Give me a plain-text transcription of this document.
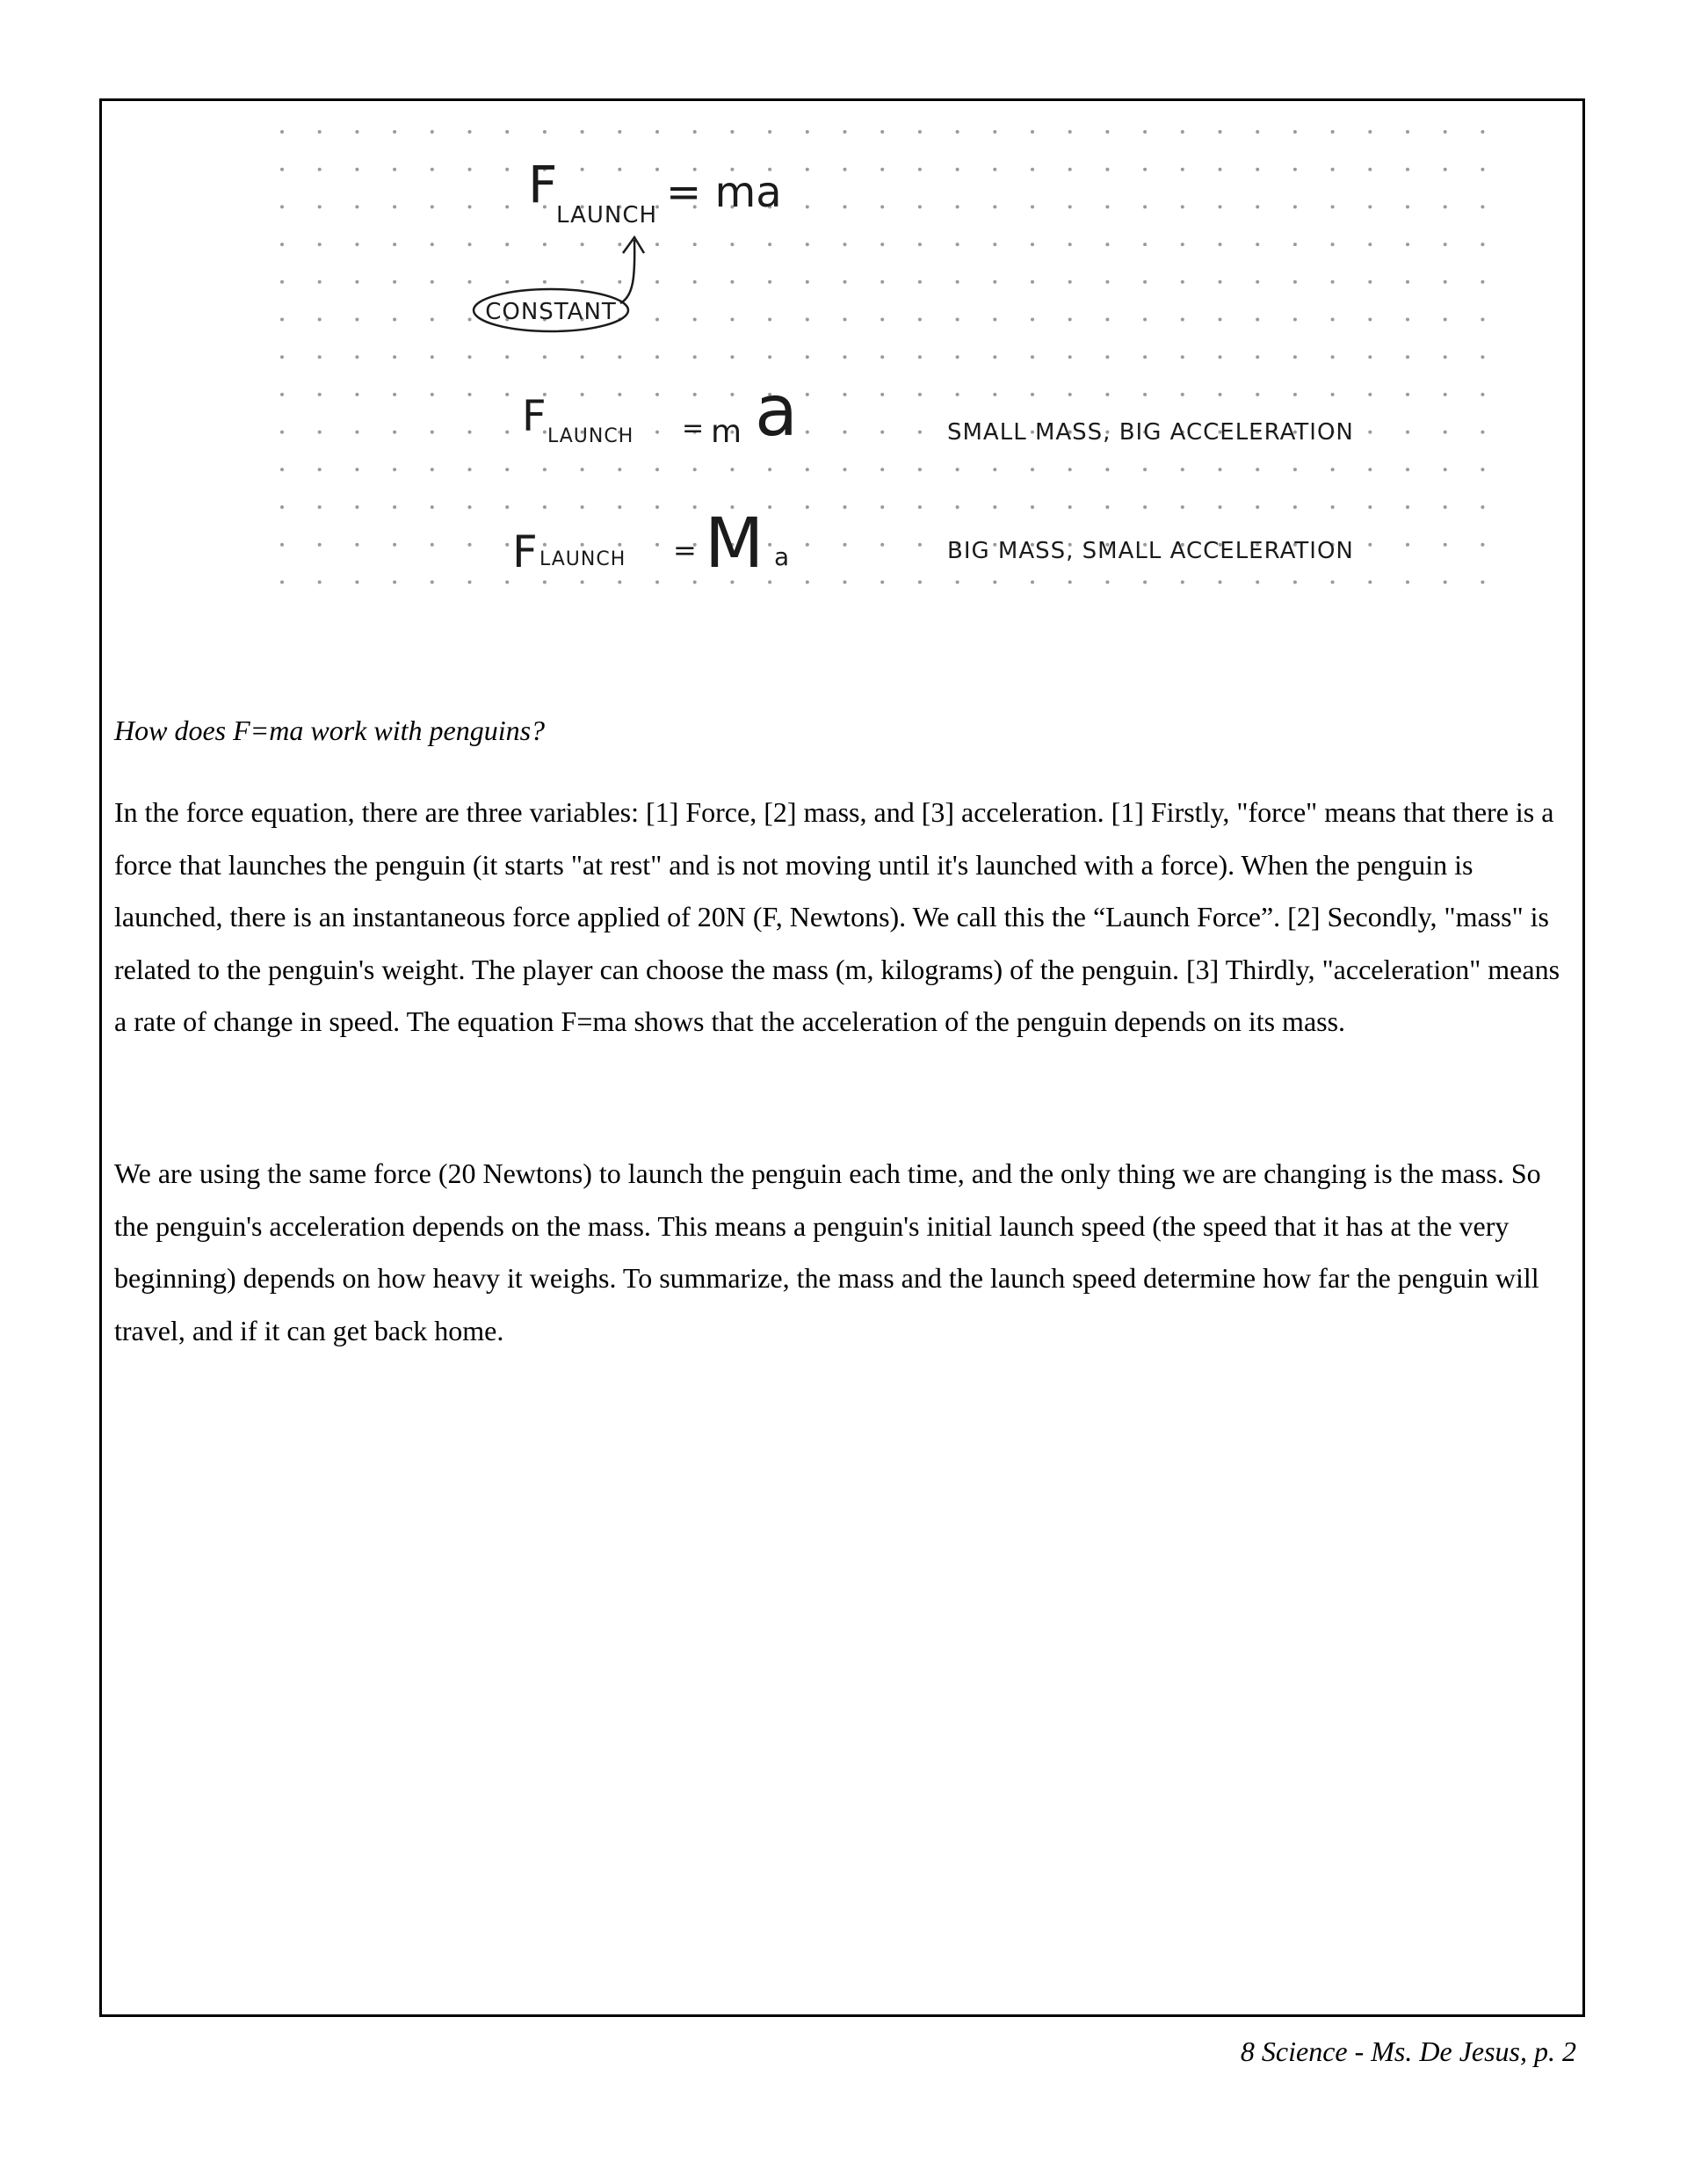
F
LAUNCH = ma
CONSTANT
F LAUNCH = m a	SMALL MASS, BIG ACCELERATION
F LAUNCH = M a	BIG MASS, SMALL ACCELERATION
How does F=ma work with penguins?
In the force equation, there are three variables: [1] Force, [2] mass, and [3] acceleration. [1] Firstly, "force" means that there is a force that launches the penguin (it starts "at rest" and is not moving until it's launched with a force). When the penguin is launched, there is an instantaneous force applied of 20N (F, Newtons). We call this the “Launch Force”. [2] Secondly, "mass" is related to the penguin's weight. The player can choose the mass (m, kilograms) of the penguin. [3] Thirdly, "acceleration" means a rate of change in speed. The equation F=ma shows that the acceleration of the penguin depends on its mass.
We are using the same force (20 Newtons) to launch the penguin each time, and the only thing we are changing is the mass. So the penguin's acceleration depends on the mass. This means a penguin's initial launch speed (the speed that it has at the very beginning) depends on how heavy it weighs. To summarize, the mass and the launch speed determine how far the penguin will travel, and if it can get back home.
8 Science - Ms. De Jesus, p. 2
